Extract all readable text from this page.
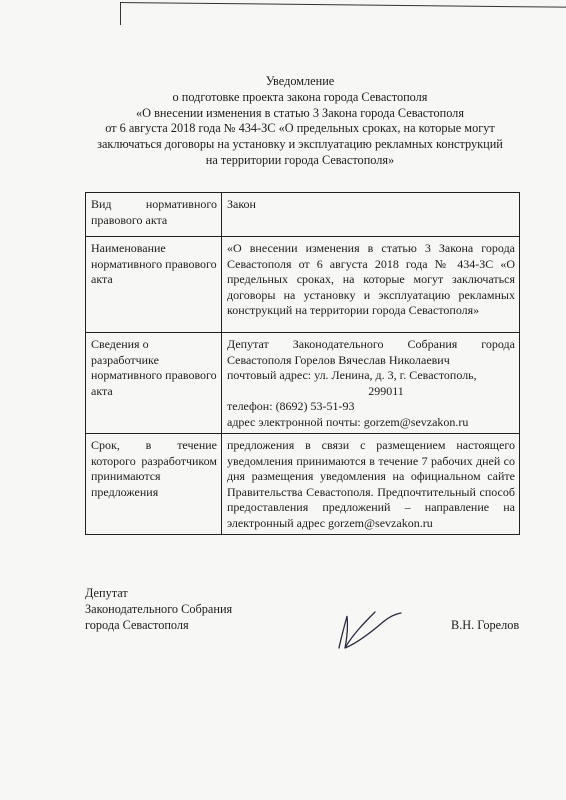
Уведомление
о подготовке проекта закона города Севастополя
«О внесении изменения в статью 3 Закона города Севастополя
от 6 августа 2018 года № 434-ЗС «О предельных сроках, на которые могут
заключаться договоры на установку и эксплуатацию рекламных конструкций
на территории города Севастополя»
Вид нормативного правового акта	Закон
Наименование нормативного правового акта	«О внесении изменения в статью 3 Закона города Севастополя от 6 августа 2018 года № 434-ЗС «О предельных сроках, на которые могут заключаться договоры на установку и эксплуатацию рекламных конструкций на территории города Севастополя»
Сведения о разработчике нормативного правового акта	Депутат Законодательного Собрания города Севастополя Горелов Вячеслав Николаевич
почтовый адрес: ул. Ленина, д. 3, г. Севастополь,
299011
телефон: (8692) 53-51-93
адрес электронной почты: gorzem@sevzakon.ru

Срок, в течение которого разработчиком принимаются предложения	предложения в связи с размещением настоящего уведомления принимаются в течение 7 рабочих дней со дня размещения уведомления на официальном сайте Правительства Севастополя. Предпочтительный способ предоставления предложений – направление на электронный адрес gorzem@sevzakon.ru
Депутат
Законодательного Собрания
города Севастополя	В.Н. Горелов
